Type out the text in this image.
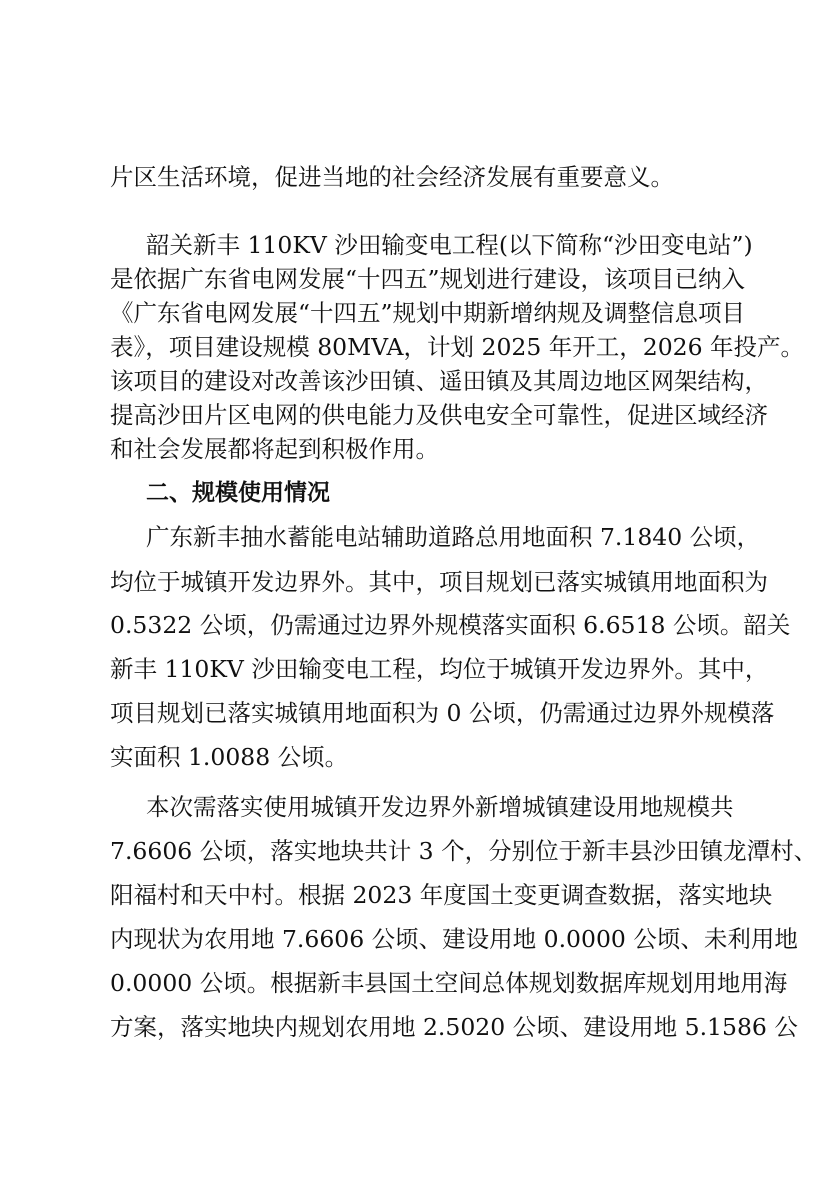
片区生活环境，促进当地的社会经济发展有重要意义。
韶关新丰 110KV 沙田输变电工程(以下简称“沙田变电站”)
是依据广东省电网发展“十四五”规划进行建设，该项目已纳入
《广东省电网发展“十四五”规划中期新增纳规及调整信息项目
表》，项目建设规模 80MVA，计划 2025 年开工，2026 年投产。
该项目的建设对改善该沙田镇、遥田镇及其周边地区网架结构，
提高沙田片区电网的供电能力及供电安全可靠性，促进区域经济
和社会发展都将起到积极作用。
二、规模使用情况
广东新丰抽水蓄能电站辅助道路总用地面积 7.1840 公顷，
均位于城镇开发边界外。其中，项目规划已落实城镇用地面积为
0.5322 公顷，仍需通过边界外规模落实面积 6.6518 公顷。韶关
新丰 110KV 沙田输变电工程，均位于城镇开发边界外。其中，
项目规划已落实城镇用地面积为 0 公顷，仍需通过边界外规模落
实面积 1.0088 公顷。
本次需落实使用城镇开发边界外新增城镇建设用地规模共
7.6606 公顷，落实地块共计 3 个，分别位于新丰县沙田镇龙潭村、
阳福村和天中村。根据 2023 年度国土变更调查数据，落实地块
内现状为农用地 7.6606 公顷、建设用地 0.0000 公顷、未利用地
0.0000 公顷。根据新丰县国土空间总体规划数据库规划用地用海
方案，落实地块内规划农用地 2.5020 公顷、建设用地 5.1586 公
